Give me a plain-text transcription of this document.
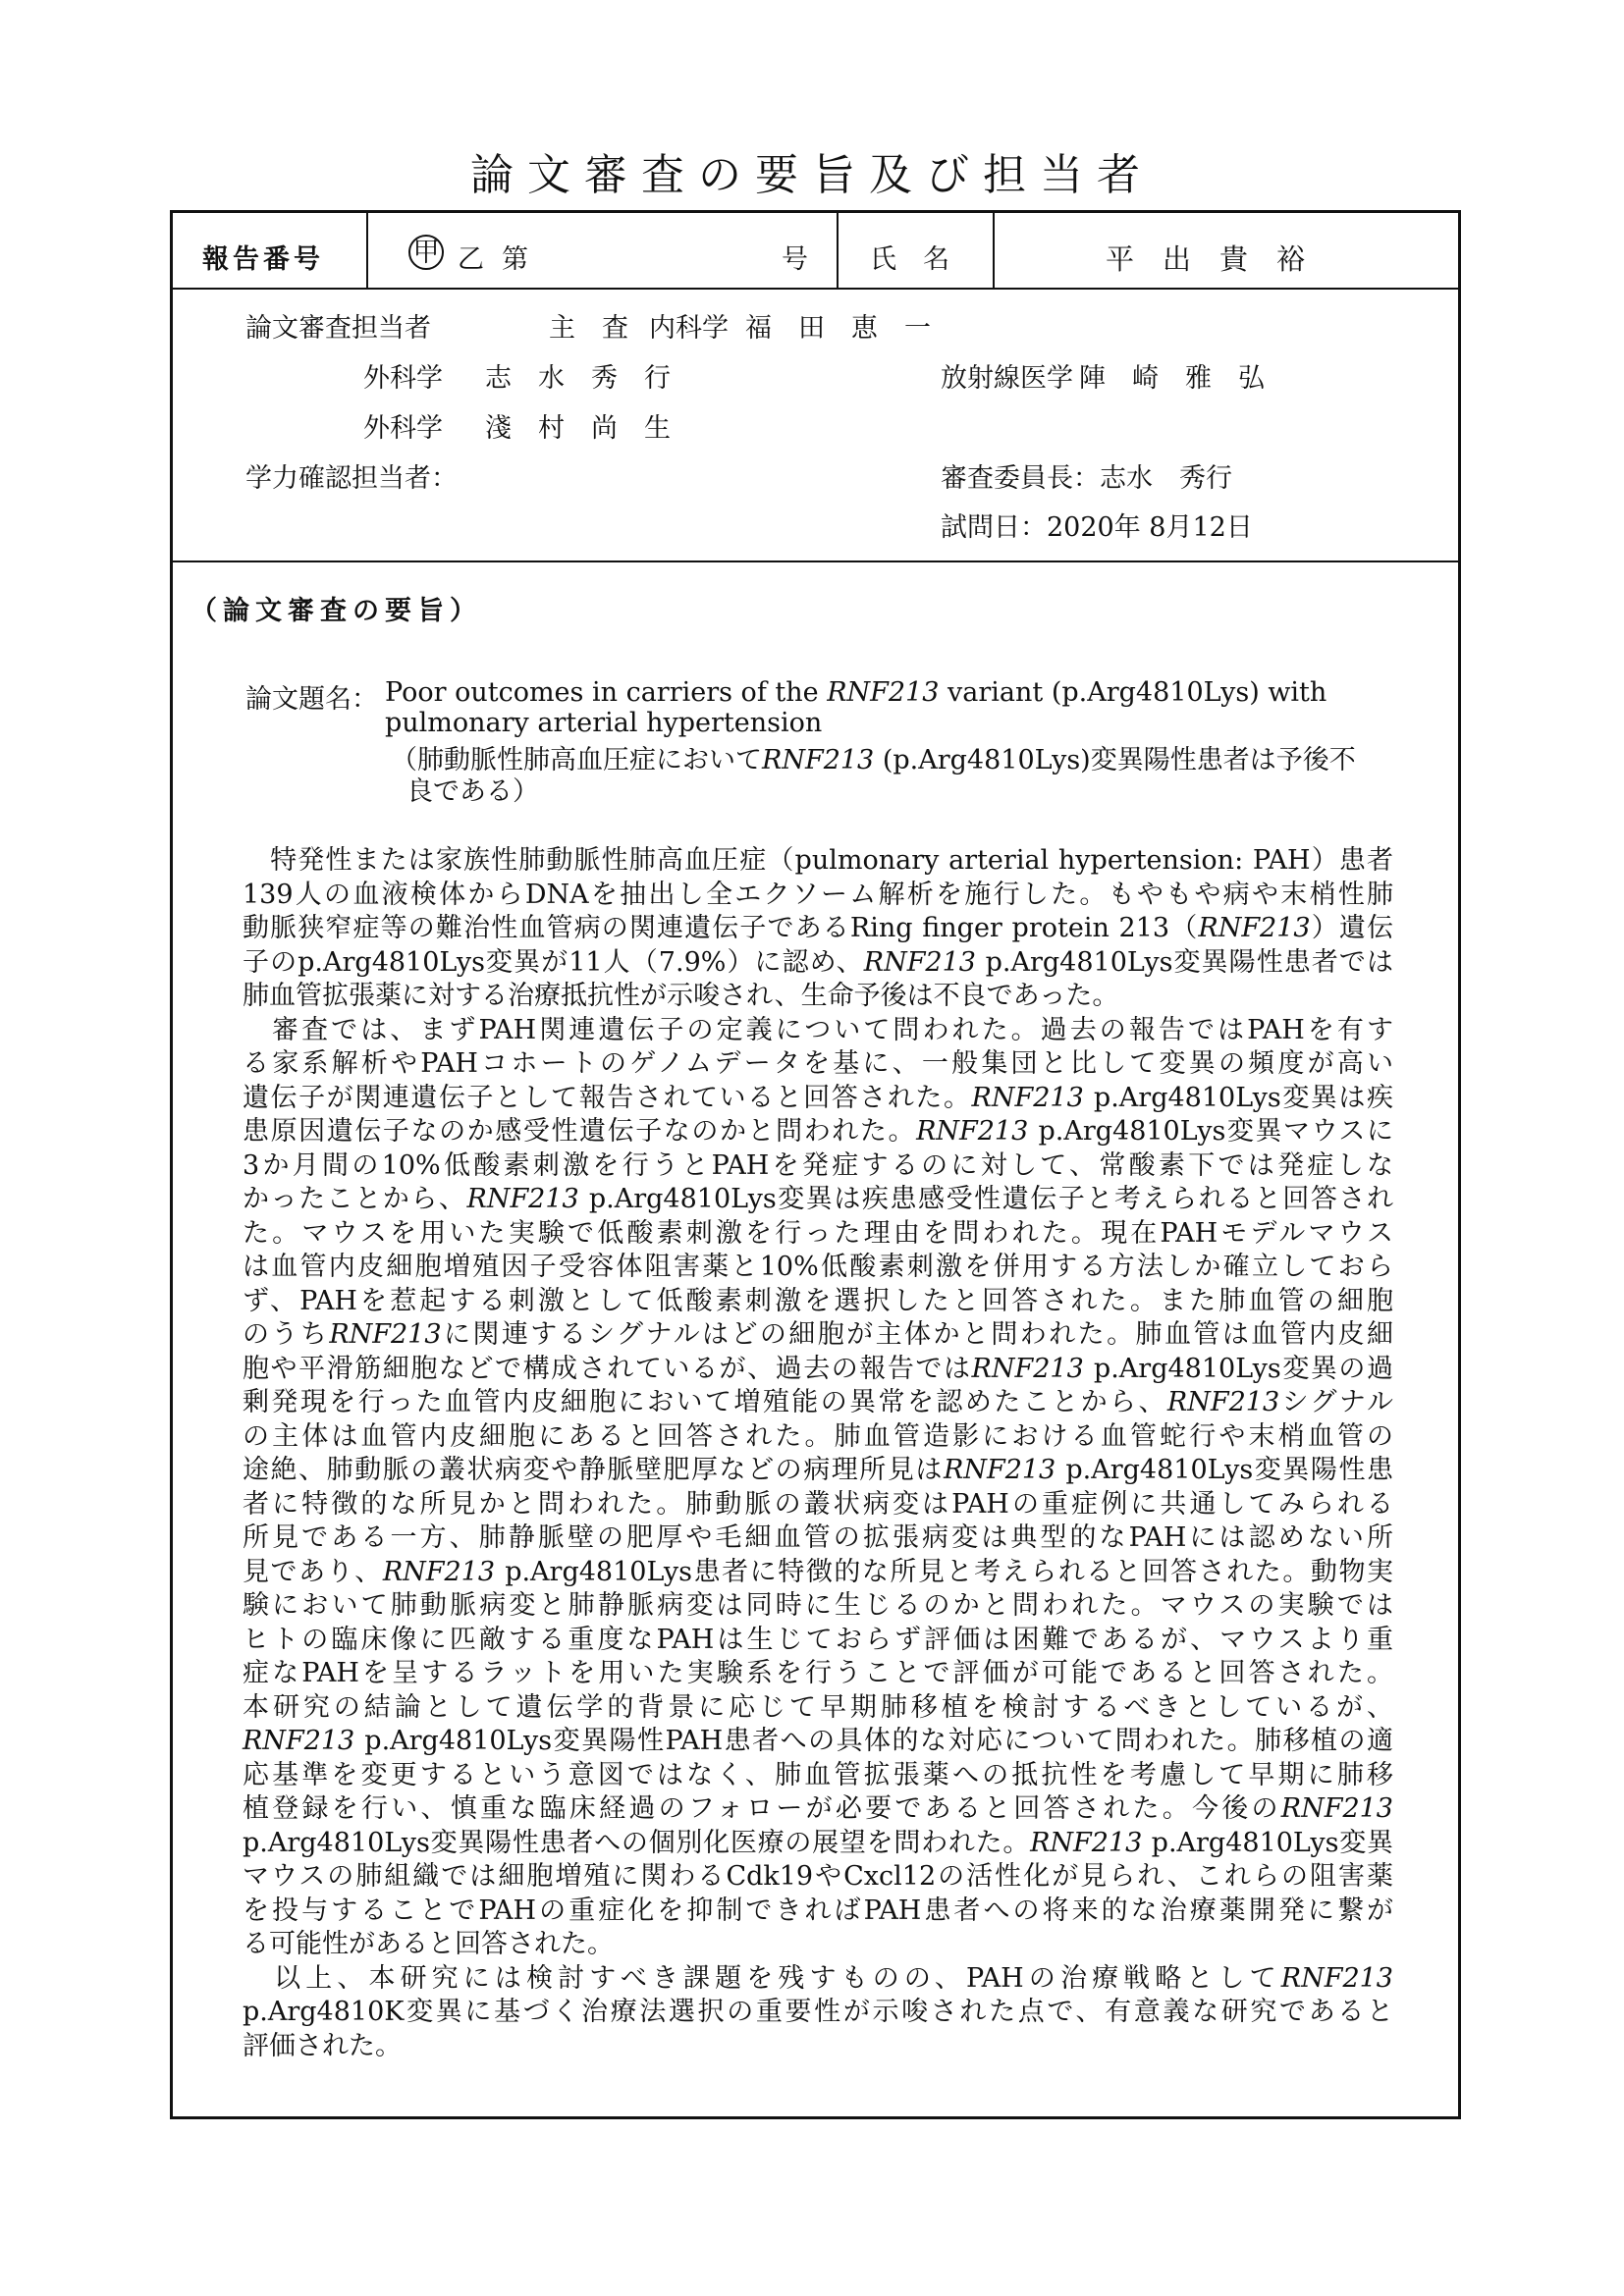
論文審査の要旨及び担当者
報告番号	甲 乙 第	号 氏　名	平　出　貴　裕
論文審査担当者	主　査 内科学 福　田　恵　一
外科学 志　水　秀　行	放射線医学 陣　崎　雅　弘
外科学 淺　村　尚　生
学力確認担当者：	審査委員長：志水　秀行
試問日：2020年 8月12日
（論文審査の要旨）
論文題名： Poor outcomes in carriers of the RNF213 variant (p.Arg4810Lys) with
pulmonary arterial hypertension
（肺動脈性肺高血圧症においてRNF213 (p.Arg4810Lys)変異陽性患者は予後不
良である）
　特発性または家族性肺動脈性肺高血圧症（pulmonary arterial hypertension: PAH）患者
139人の血液検体からDNAを抽出し全エクソーム解析を施行した。もやもや病や末梢性肺
動脈狭窄症等の難治性血管病の関連遺伝子であるRing finger protein 213（RNF213）遺伝
子のp.Arg4810Lys変異が11人（7.9%）に認め、RNF213 p.Arg4810Lys変異陽性患者では
肺血管拡張薬に対する治療抵抗性が示唆され、生命予後は不良であった。
　審査では、まずPAH関連遺伝子の定義について問われた。過去の報告ではPAHを有す
る家系解析やPAHコホートのゲノムデータを基に、一般集団と比して変異の頻度が高い
遺伝子が関連遺伝子として報告されていると回答された。RNF213 p.Arg4810Lys変異は疾
患原因遺伝子なのか感受性遺伝子なのかと問われた。RNF213 p.Arg4810Lys変異マウスに
3か月間の10%低酸素刺激を行うとPAHを発症するのに対して、常酸素下では発症しな
かったことから、RNF213 p.Arg4810Lys変異は疾患感受性遺伝子と考えられると回答され
た。マウスを用いた実験で低酸素刺激を行った理由を問われた。現在PAHモデルマウス
は血管内皮細胞増殖因子受容体阻害薬と10%低酸素刺激を併用する方法しか確立しておら
ず、PAHを惹起する刺激として低酸素刺激を選択したと回答された。また肺血管の細胞
のうちRNF213に関連するシグナルはどの細胞が主体かと問われた。肺血管は血管内皮細
胞や平滑筋細胞などで構成されているが、過去の報告ではRNF213 p.Arg4810Lys変異の過
剰発現を行った血管内皮細胞において増殖能の異常を認めたことから、RNF213シグナル
の主体は血管内皮細胞にあると回答された。肺血管造影における血管蛇行や末梢血管の
途絶、肺動脈の叢状病変や静脈壁肥厚などの病理所見はRNF213 p.Arg4810Lys変異陽性患
者に特徴的な所見かと問われた。肺動脈の叢状病変はPAHの重症例に共通してみられる
所見である一方、肺静脈壁の肥厚や毛細血管の拡張病変は典型的なPAHには認めない所
見であり、RNF213 p.Arg4810Lys患者に特徴的な所見と考えられると回答された。動物実
験において肺動脈病変と肺静脈病変は同時に生じるのかと問われた。マウスの実験では
ヒトの臨床像に匹敵する重度なPAHは生じておらず評価は困難であるが、マウスより重
症なPAHを呈するラットを用いた実験系を行うことで評価が可能であると回答された。
本研究の結論として遺伝学的背景に応じて早期肺移植を検討するべきとしているが、
RNF213 p.Arg4810Lys変異陽性PAH患者への具体的な対応について問われた。肺移植の適
応基準を変更するという意図ではなく、肺血管拡張薬への抵抗性を考慮して早期に肺移
植登録を行い、慎重な臨床経過のフォローが必要であると回答された。今後のRNF213
p.Arg4810Lys変異陽性患者への個別化医療の展望を問われた。RNF213 p.Arg4810Lys変異
マウスの肺組織では細胞増殖に関わるCdk19やCxcl12の活性化が見られ、これらの阻害薬
を投与することでPAHの重症化を抑制できればPAH患者への将来的な治療薬開発に繋が
る可能性があると回答された。
　以上、本研究には検討すべき課題を残すものの、PAHの治療戦略としてRNF213
p.Arg4810K変異に基づく治療法選択の重要性が示唆された点で、有意義な研究であると
評価された。
